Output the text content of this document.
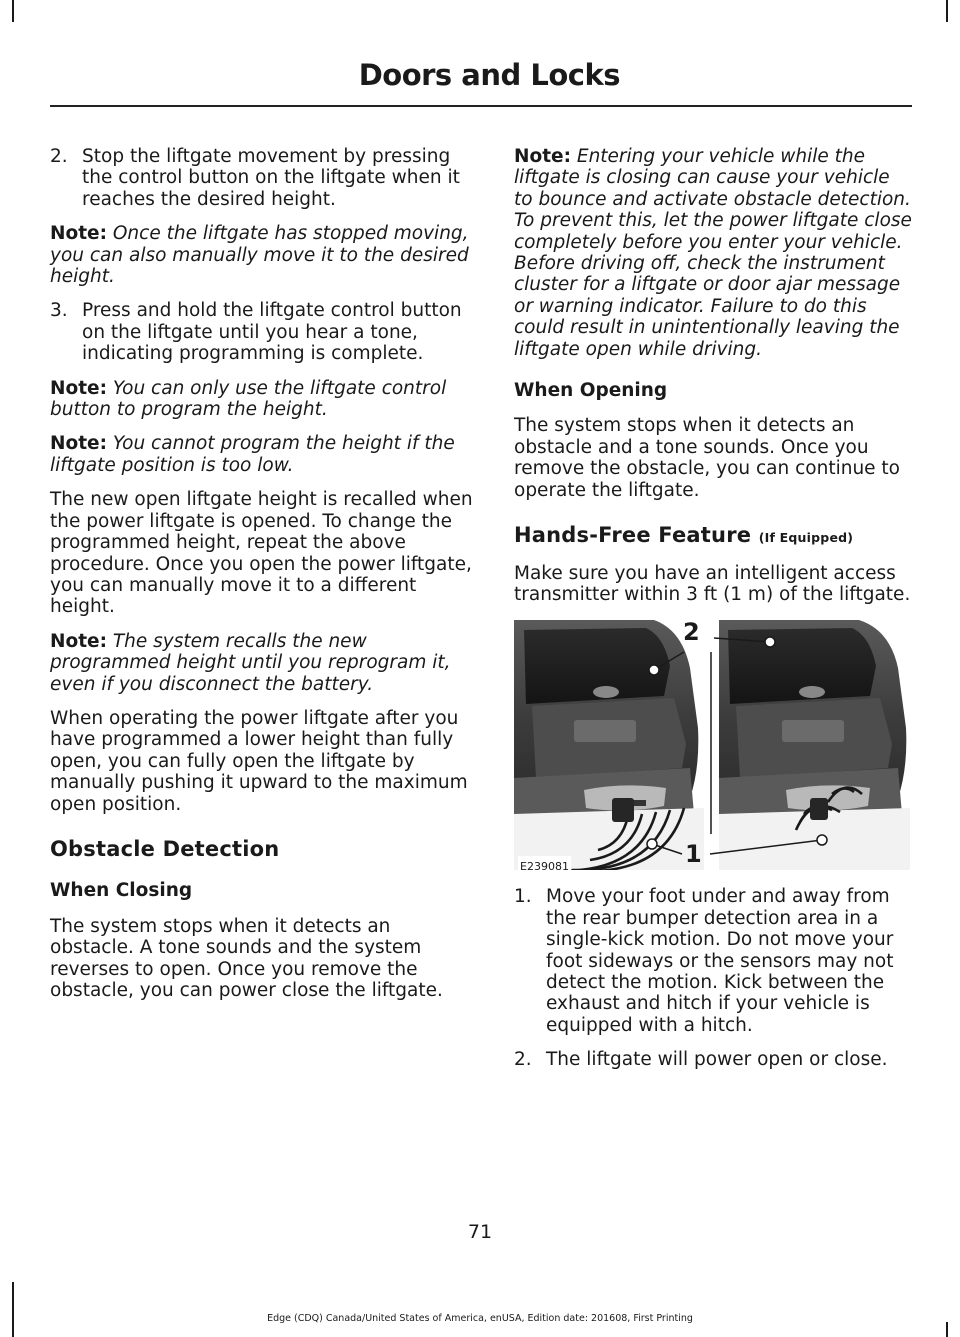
Doors and Locks
2. Stop the liftgate movement by pressing the control button on the liftgate when it reaches the desired height.

Note: Once the liftgate has stopped moving, you can also manually move it to the desired height.

3. Press and hold the liftgate control button on the liftgate until you hear a tone, indicating programming is complete.

Note: You can only use the liftgate control button to program the height.

Note: You cannot program the height if the liftgate position is too low.

The new open liftgate height is recalled when the power liftgate is opened. To change the programmed height, repeat the above procedure. Once you open the power liftgate, you can manually move it to a different height.

Note: The system recalls the new programmed height until you reprogram it, even if you disconnect the battery.

When operating the power liftgate after you have programmed a lower height than fully open, you can fully open the liftgate by manually pushing it upward to the maximum open position.

Obstacle Detection
When Closing

The system stops when it detects an obstacle. A tone sounds and the system reverses to open. Once you remove the obstacle, you can power close the liftgate.

Note: Entering your vehicle while the liftgate is closing can cause your vehicle to bounce and activate obstacle detection. To prevent this, let the power liftgate close completely before you enter your vehicle. Before driving off, check the instrument cluster for a liftgate or door ajar message or warning indicator. Failure to do this could result in unintentionally leaving the liftgate open while driving.

When Opening

The system stops when it detects an obstacle and a tone sounds. Once you remove the obstacle, you can continue to operate the liftgate.

Hands-Free Feature (If Equipped)

Make sure you have an intelligent access transmitter within 3 ft (1 m) of the liftgate.

2
1
E239081
1. Move your foot under and away from the rear bumper detection area in a single-kick motion. Do not move your foot sideways or the sensors may not detect the motion. Kick between the exhaust and hitch if your vehicle is equipped with a hitch.
2. The liftgate will power open or close.
71
Edge (CDQ) Canada/United States of America, enUSA, Edition date: 201608, First Printing
